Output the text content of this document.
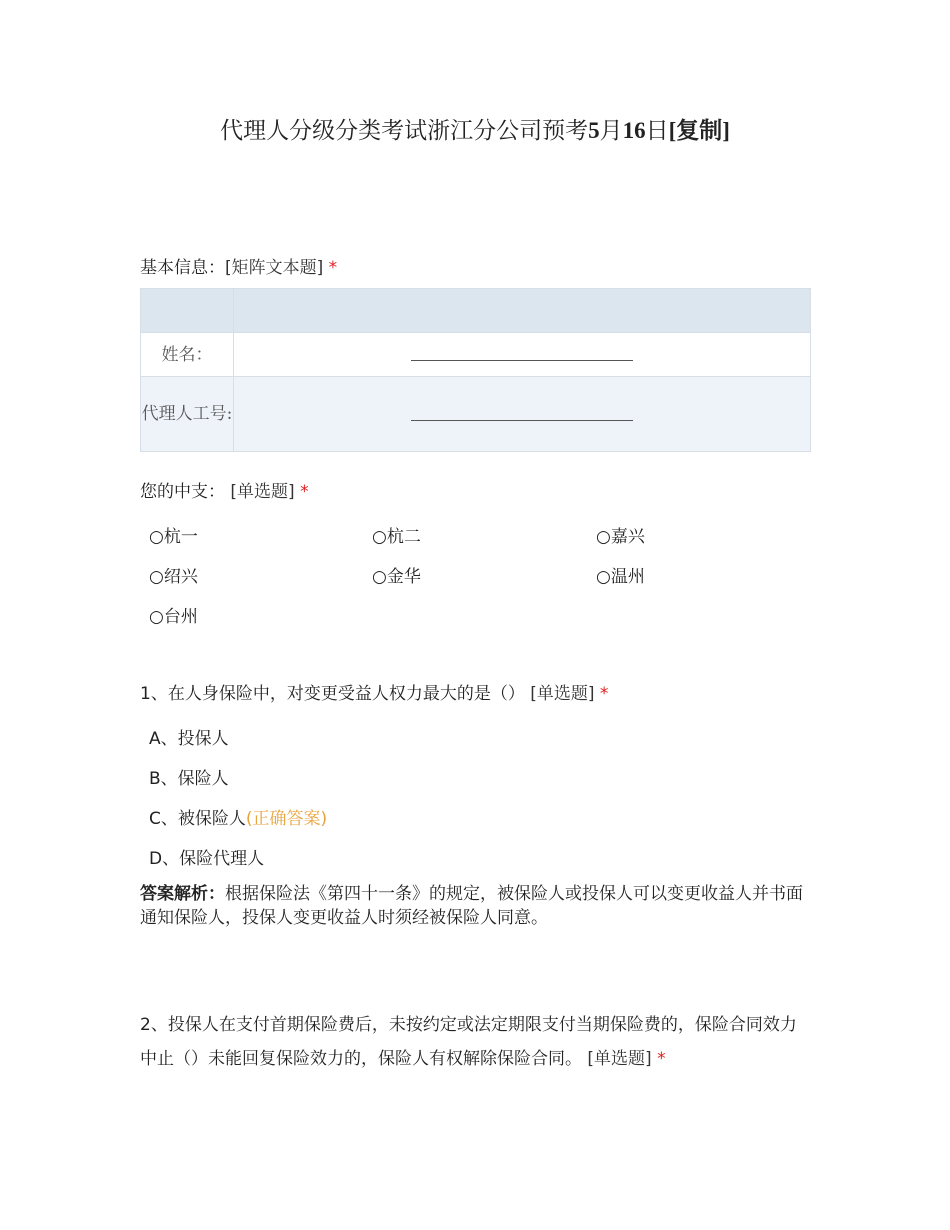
代理人分级分类考试浙江分公司预考5月16日[复制]
基本信息：[矩阵文本题] *

姓名：	

代理人工号:	
您的中支： [单选题] *
○杭一	○杭二	○嘉兴
○绍兴	○金华	○温州
○台州
1、在人身保险中，对变更受益人权力最大的是（） [单选题] *
A、投保人
B、保险人
C、被保险人(正确答案)
D、保险代理人
答案解析：根据保险法《第四十一条》的规定，被保险人或投保人可以变更收益人并书面通知保险人，投保人变更收益人时须经被保险人同意。
2、投保人在支付首期保险费后，未按约定或法定期限支付当期保险费的，保险合同效力中止（）未能回复保险效力的，保险人有权解除保险合同。 [单选题] *
